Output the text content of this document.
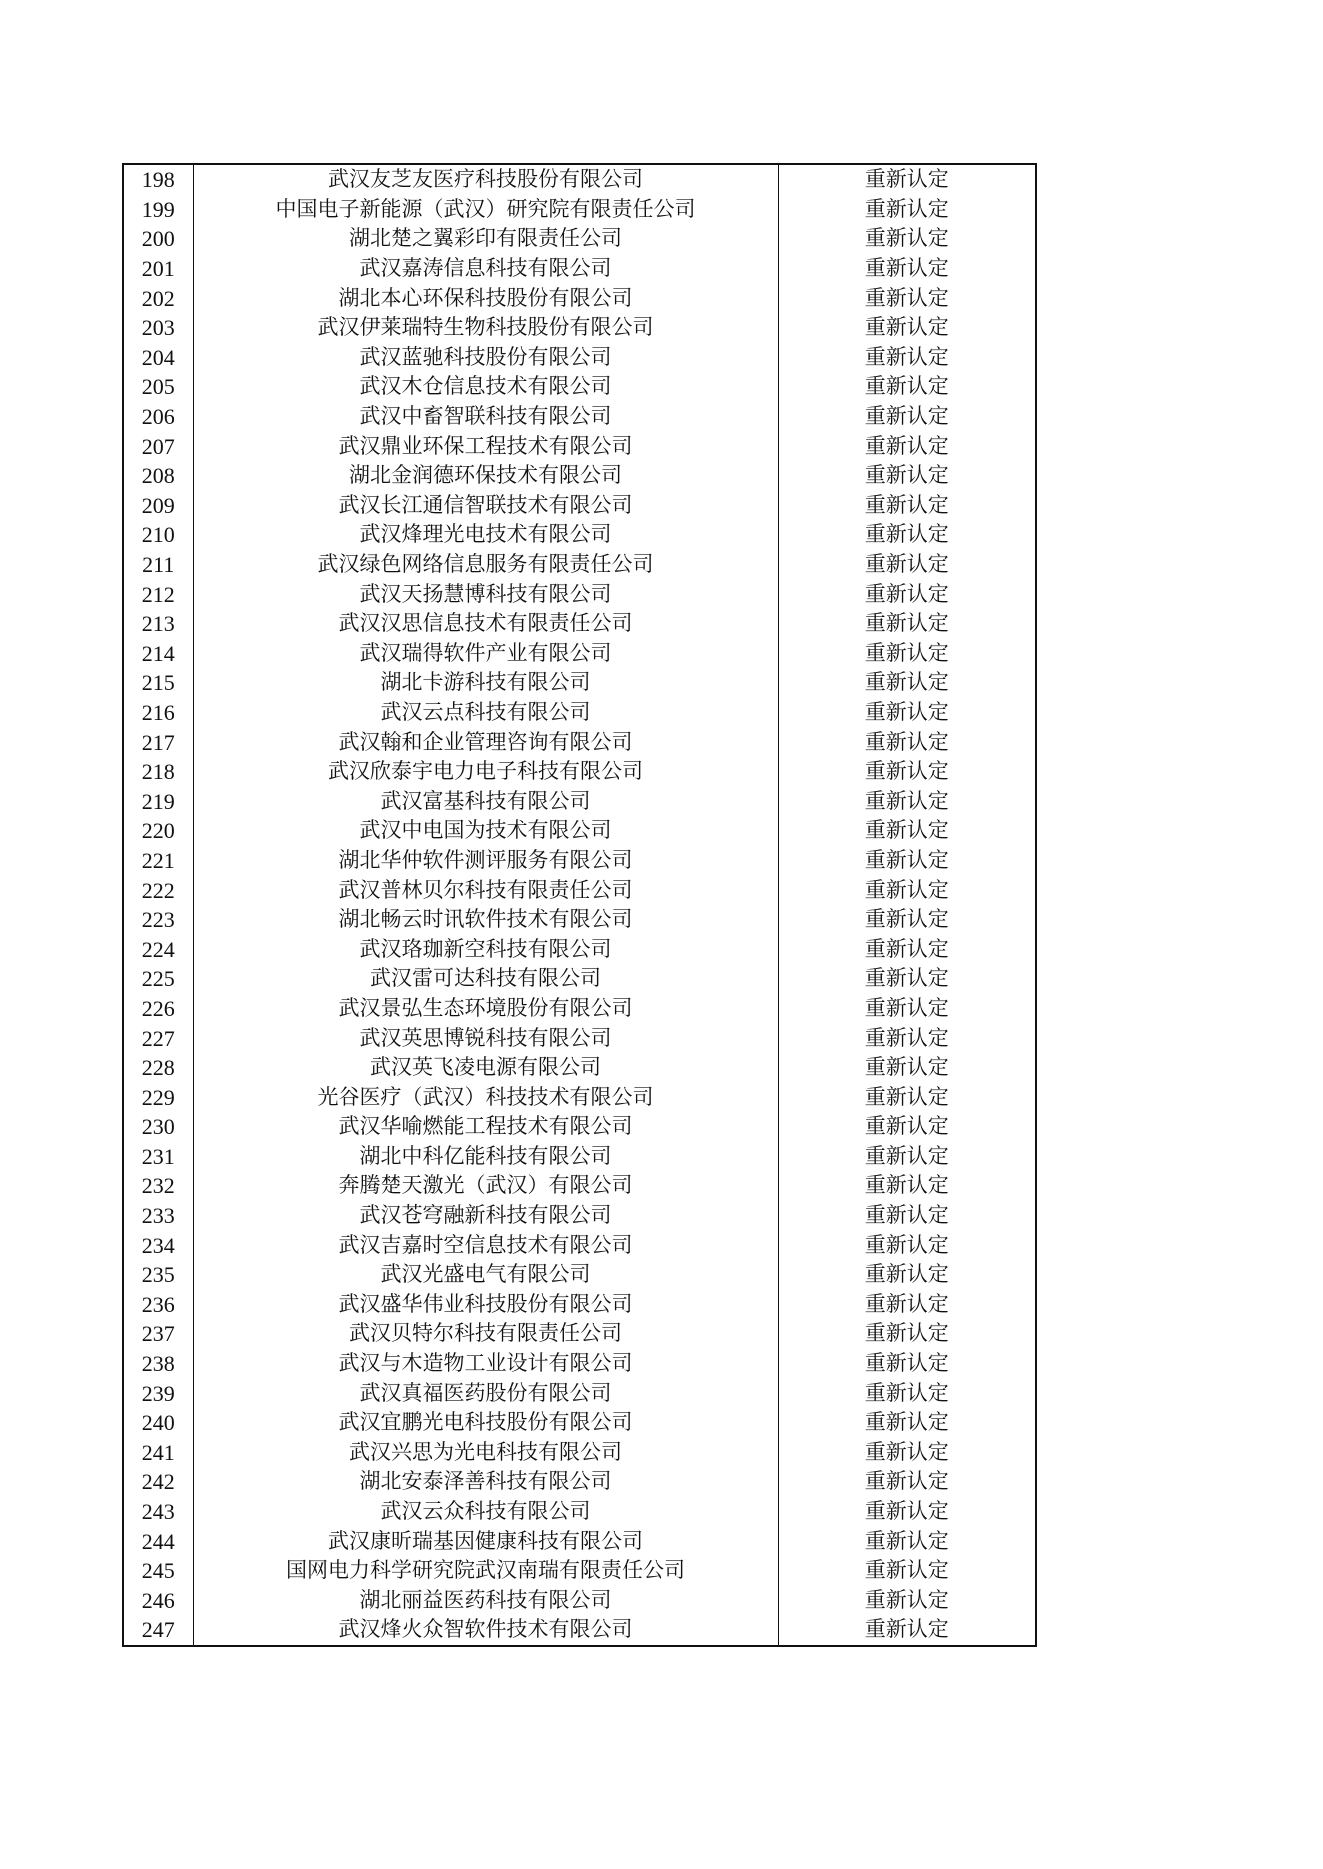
198	武汉友芝友医疗科技股份有限公司	重新认定
199	中国电子新能源（武汉）研究院有限责任公司	重新认定
200	湖北楚之翼彩印有限责任公司	重新认定
201	武汉嘉涛信息科技有限公司	重新认定
202	湖北本心环保科技股份有限公司	重新认定
203	武汉伊莱瑞特生物科技股份有限公司	重新认定
204	武汉蓝驰科技股份有限公司	重新认定
205	武汉木仓信息技术有限公司	重新认定
206	武汉中畜智联科技有限公司	重新认定
207	武汉鼎业环保工程技术有限公司	重新认定
208	湖北金润德环保技术有限公司	重新认定
209	武汉长江通信智联技术有限公司	重新认定
210	武汉烽理光电技术有限公司	重新认定
211	武汉绿色网络信息服务有限责任公司	重新认定
212	武汉天扬慧博科技有限公司	重新认定
213	武汉汉思信息技术有限责任公司	重新认定
214	武汉瑞得软件产业有限公司	重新认定
215	湖北卡游科技有限公司	重新认定
216	武汉云点科技有限公司	重新认定
217	武汉翰和企业管理咨询有限公司	重新认定
218	武汉欣泰宇电力电子科技有限公司	重新认定
219	武汉富基科技有限公司	重新认定
220	武汉中电国为技术有限公司	重新认定
221	湖北华仲软件测评服务有限公司	重新认定
222	武汉普林贝尔科技有限责任公司	重新认定
223	湖北畅云时讯软件技术有限公司	重新认定
224	武汉珞珈新空科技有限公司	重新认定
225	武汉雷可达科技有限公司	重新认定
226	武汉景弘生态环境股份有限公司	重新认定
227	武汉英思博锐科技有限公司	重新认定
228	武汉英飞凌电源有限公司	重新认定
229	光谷医疗（武汉）科技技术有限公司	重新认定
230	武汉华喻燃能工程技术有限公司	重新认定
231	湖北中科亿能科技有限公司	重新认定
232	奔腾楚天激光（武汉）有限公司	重新认定
233	武汉苍穹融新科技有限公司	重新认定
234	武汉吉嘉时空信息技术有限公司	重新认定
235	武汉光盛电气有限公司	重新认定
236	武汉盛华伟业科技股份有限公司	重新认定
237	武汉贝特尔科技有限责任公司	重新认定
238	武汉与木造物工业设计有限公司	重新认定
239	武汉真福医药股份有限公司	重新认定
240	武汉宜鹏光电科技股份有限公司	重新认定
241	武汉兴思为光电科技有限公司	重新认定
242	湖北安泰泽善科技有限公司	重新认定
243	武汉云众科技有限公司	重新认定
244	武汉康昕瑞基因健康科技有限公司	重新认定
245	国网电力科学研究院武汉南瑞有限责任公司	重新认定
246	湖北丽益医药科技有限公司	重新认定
247	武汉烽火众智软件技术有限公司	重新认定
